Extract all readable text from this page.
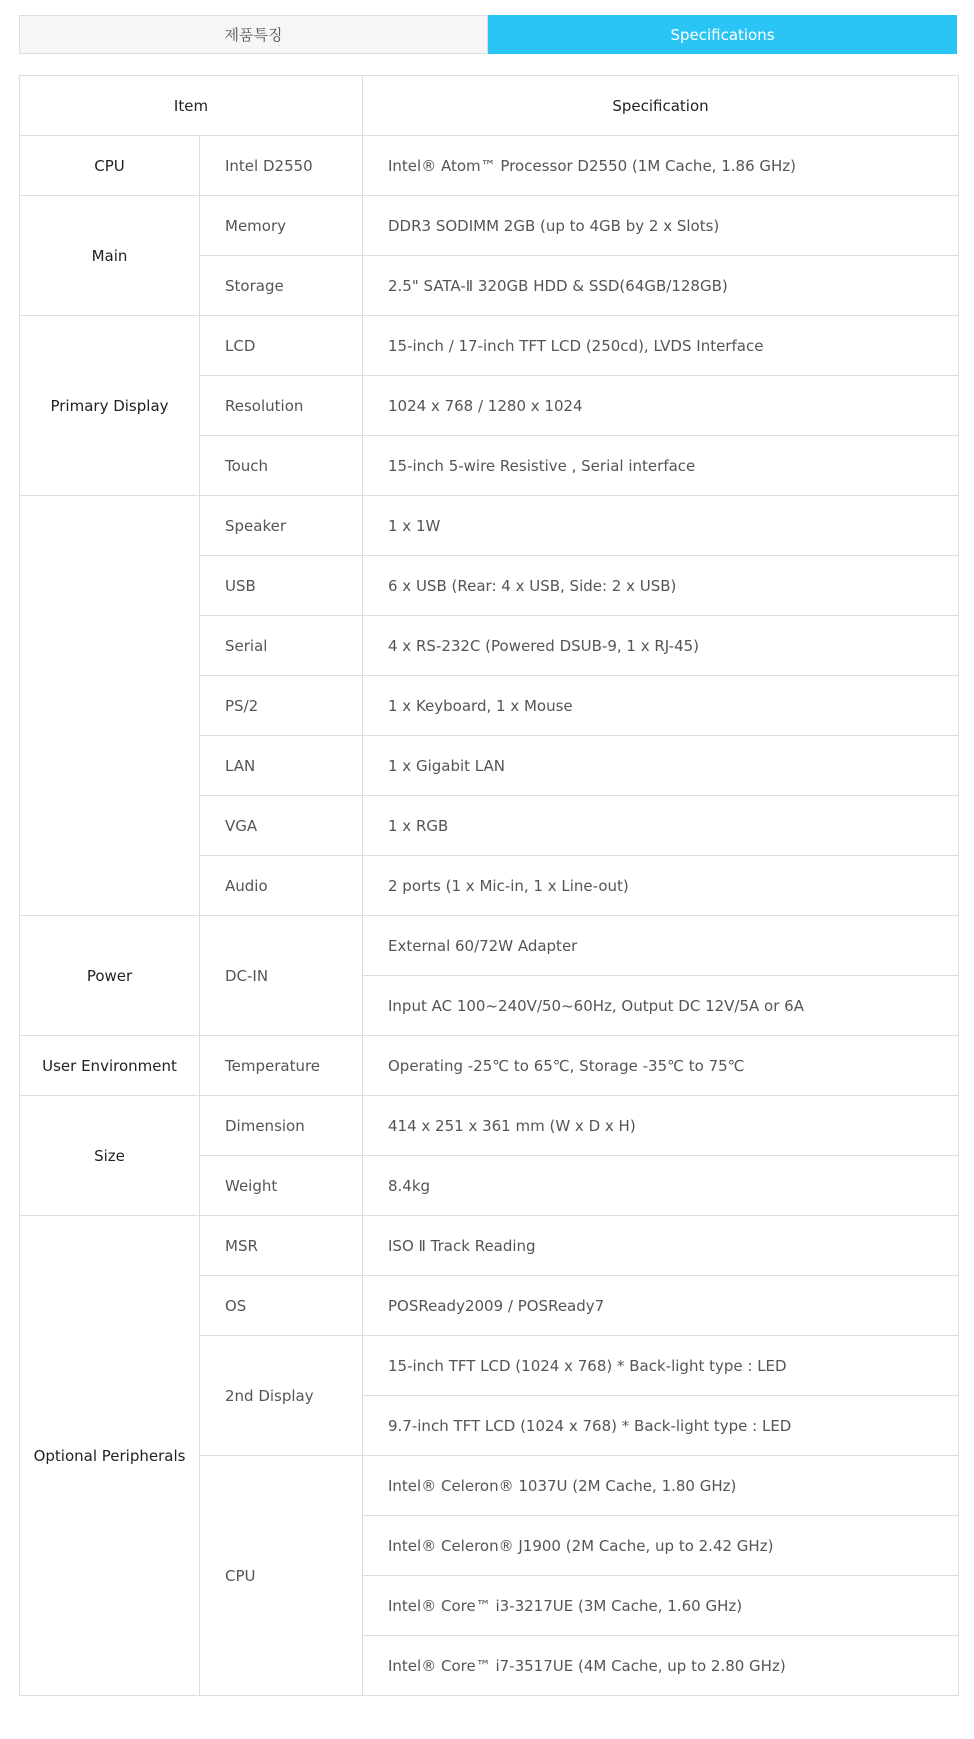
제품특징	Specifications
Item		Specification
CPU	Intel D2550	Intel® Atom™ Processor D2550 (1M Cache, 1.86 GHz)
Main	Memory	DDR3 SODIMM 2GB (up to 4GB by 2 x Slots)
	Storage	2.5" SATA-Ⅱ 320GB HDD & SSD(64GB/128GB)
Primary Display	LCD	15-inch / 17-inch TFT LCD (250cd), LVDS Interface
	Resolution	1024 x 768 / 1280 x 1024
	Touch	15-inch 5-wire Resistive , Serial interface
	Speaker	1 x 1W
	USB	6 x USB (Rear: 4 x USB, Side: 2 x USB)
	Serial	4 x RS-232C (Powered DSUB-9, 1 x RJ-45)
	PS/2	1 x Keyboard, 1 x Mouse
	LAN	1 x Gigabit LAN
	VGA	1 x RGB
	Audio	2 ports (1 x Mic-in, 1 x Line-out)
Power	DC-IN	External 60/72W Adapter
		Input AC 100~240V/50~60Hz, Output DC 12V/5A or 6A
User Environment	Temperature	Operating -25℃ to 65℃, Storage -35℃ to 75℃
Size	Dimension	414 x 251 x 361 mm (W x D x H)
	Weight	8.4kg
Optional Peripherals	MSR	ISO Ⅱ Track Reading
	OS	POSReady2009 / POSReady7
	2nd Display	15-inch TFT LCD (1024 x 768) * Back-light type : LED
		9.7-inch TFT LCD (1024 x 768) * Back-light type : LED
	CPU	Intel® Celeron® 1037U (2M Cache, 1.80 GHz)
		Intel® Celeron® J1900 (2M Cache, up to 2.42 GHz)
		Intel® Core™ i3-3217UE (3M Cache, 1.60 GHz)
		Intel® Core™ i7-3517UE (4M Cache, up to 2.80 GHz)
